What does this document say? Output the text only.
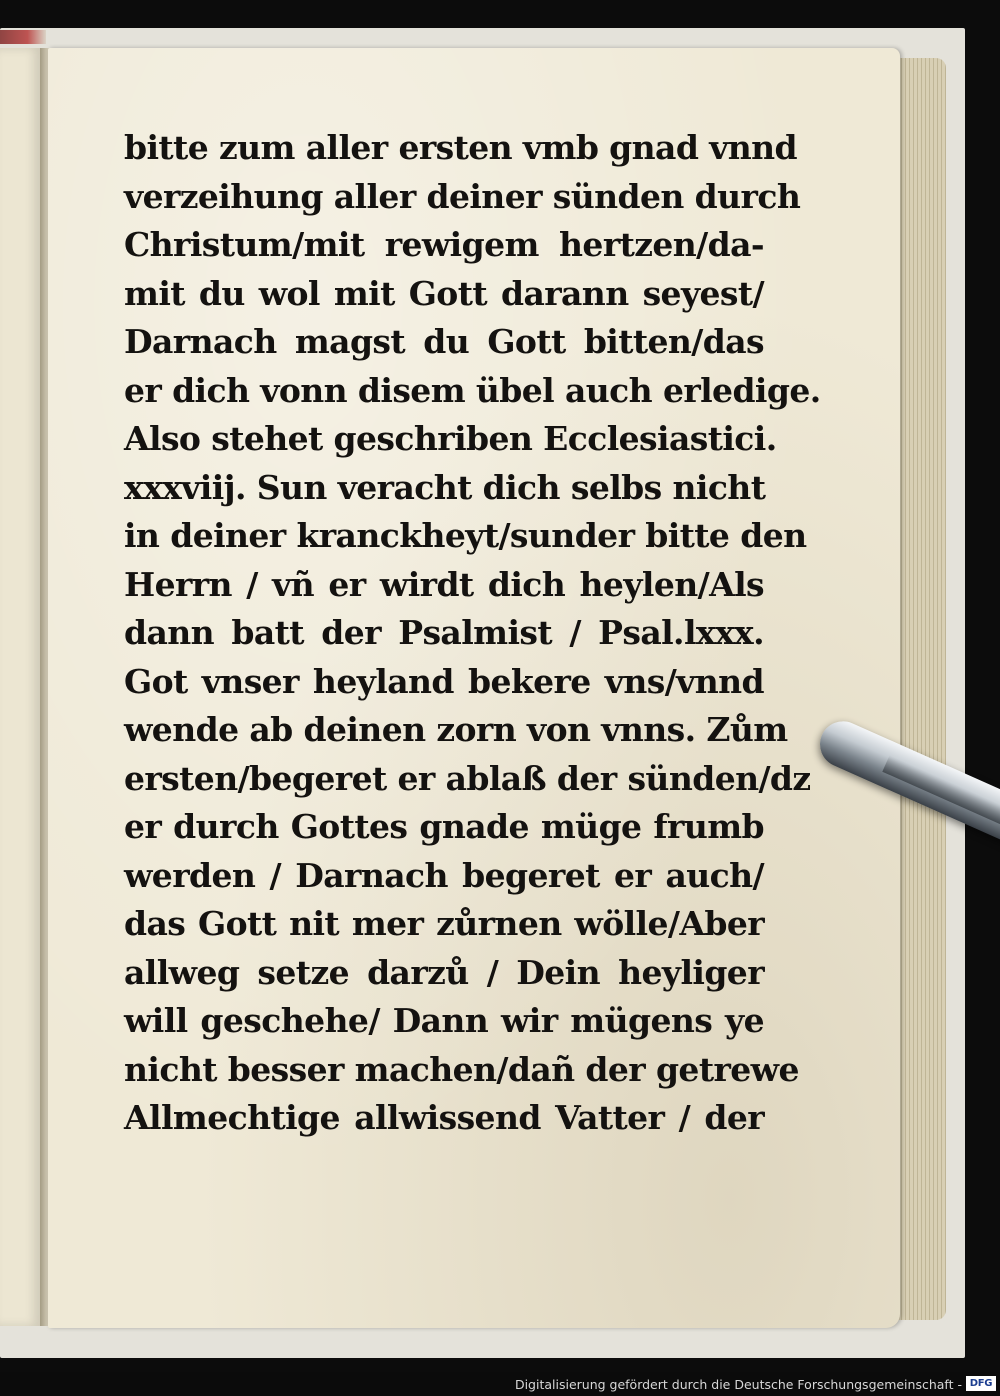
bitte zum aller ersten vmb gnad vnnd
verzeihung aller deiner sünden durch
Christum/mit rewigem hertzen/da-
mit du wol mit Gott darann seyest/
Darnach magst du Gott bitten/das
er dich vonn disem übel auch erledige.
Also stehet geschriben Ecclesiastici.
xxxviij. Sun veracht dich selbs nicht
in deiner kranckheyt/sunder bitte den
Herrn / vñ er wirdt dich heylen/Als
dann batt der Psalmist / Psal.lxxx.
Got vnser heyland bekere vns/vnnd
wende ab deinen zorn von vnns. Zům
ersten/begeret er ablaß der sünden/dz
er durch Gottes gnade müge frumb
werden / Darnach begeret er auch/
das Gott nit mer zůrnen wölle/Aber
allweg setze darzů / Dein heyliger
will geschehe/ Dann wir mügens ye
nicht besser machen/dañ der getrewe
Allmechtige allwissend Vatter / der
Digitalisierung gefördert durch die Deutsche Forschungsgemeinschaft - DFG
